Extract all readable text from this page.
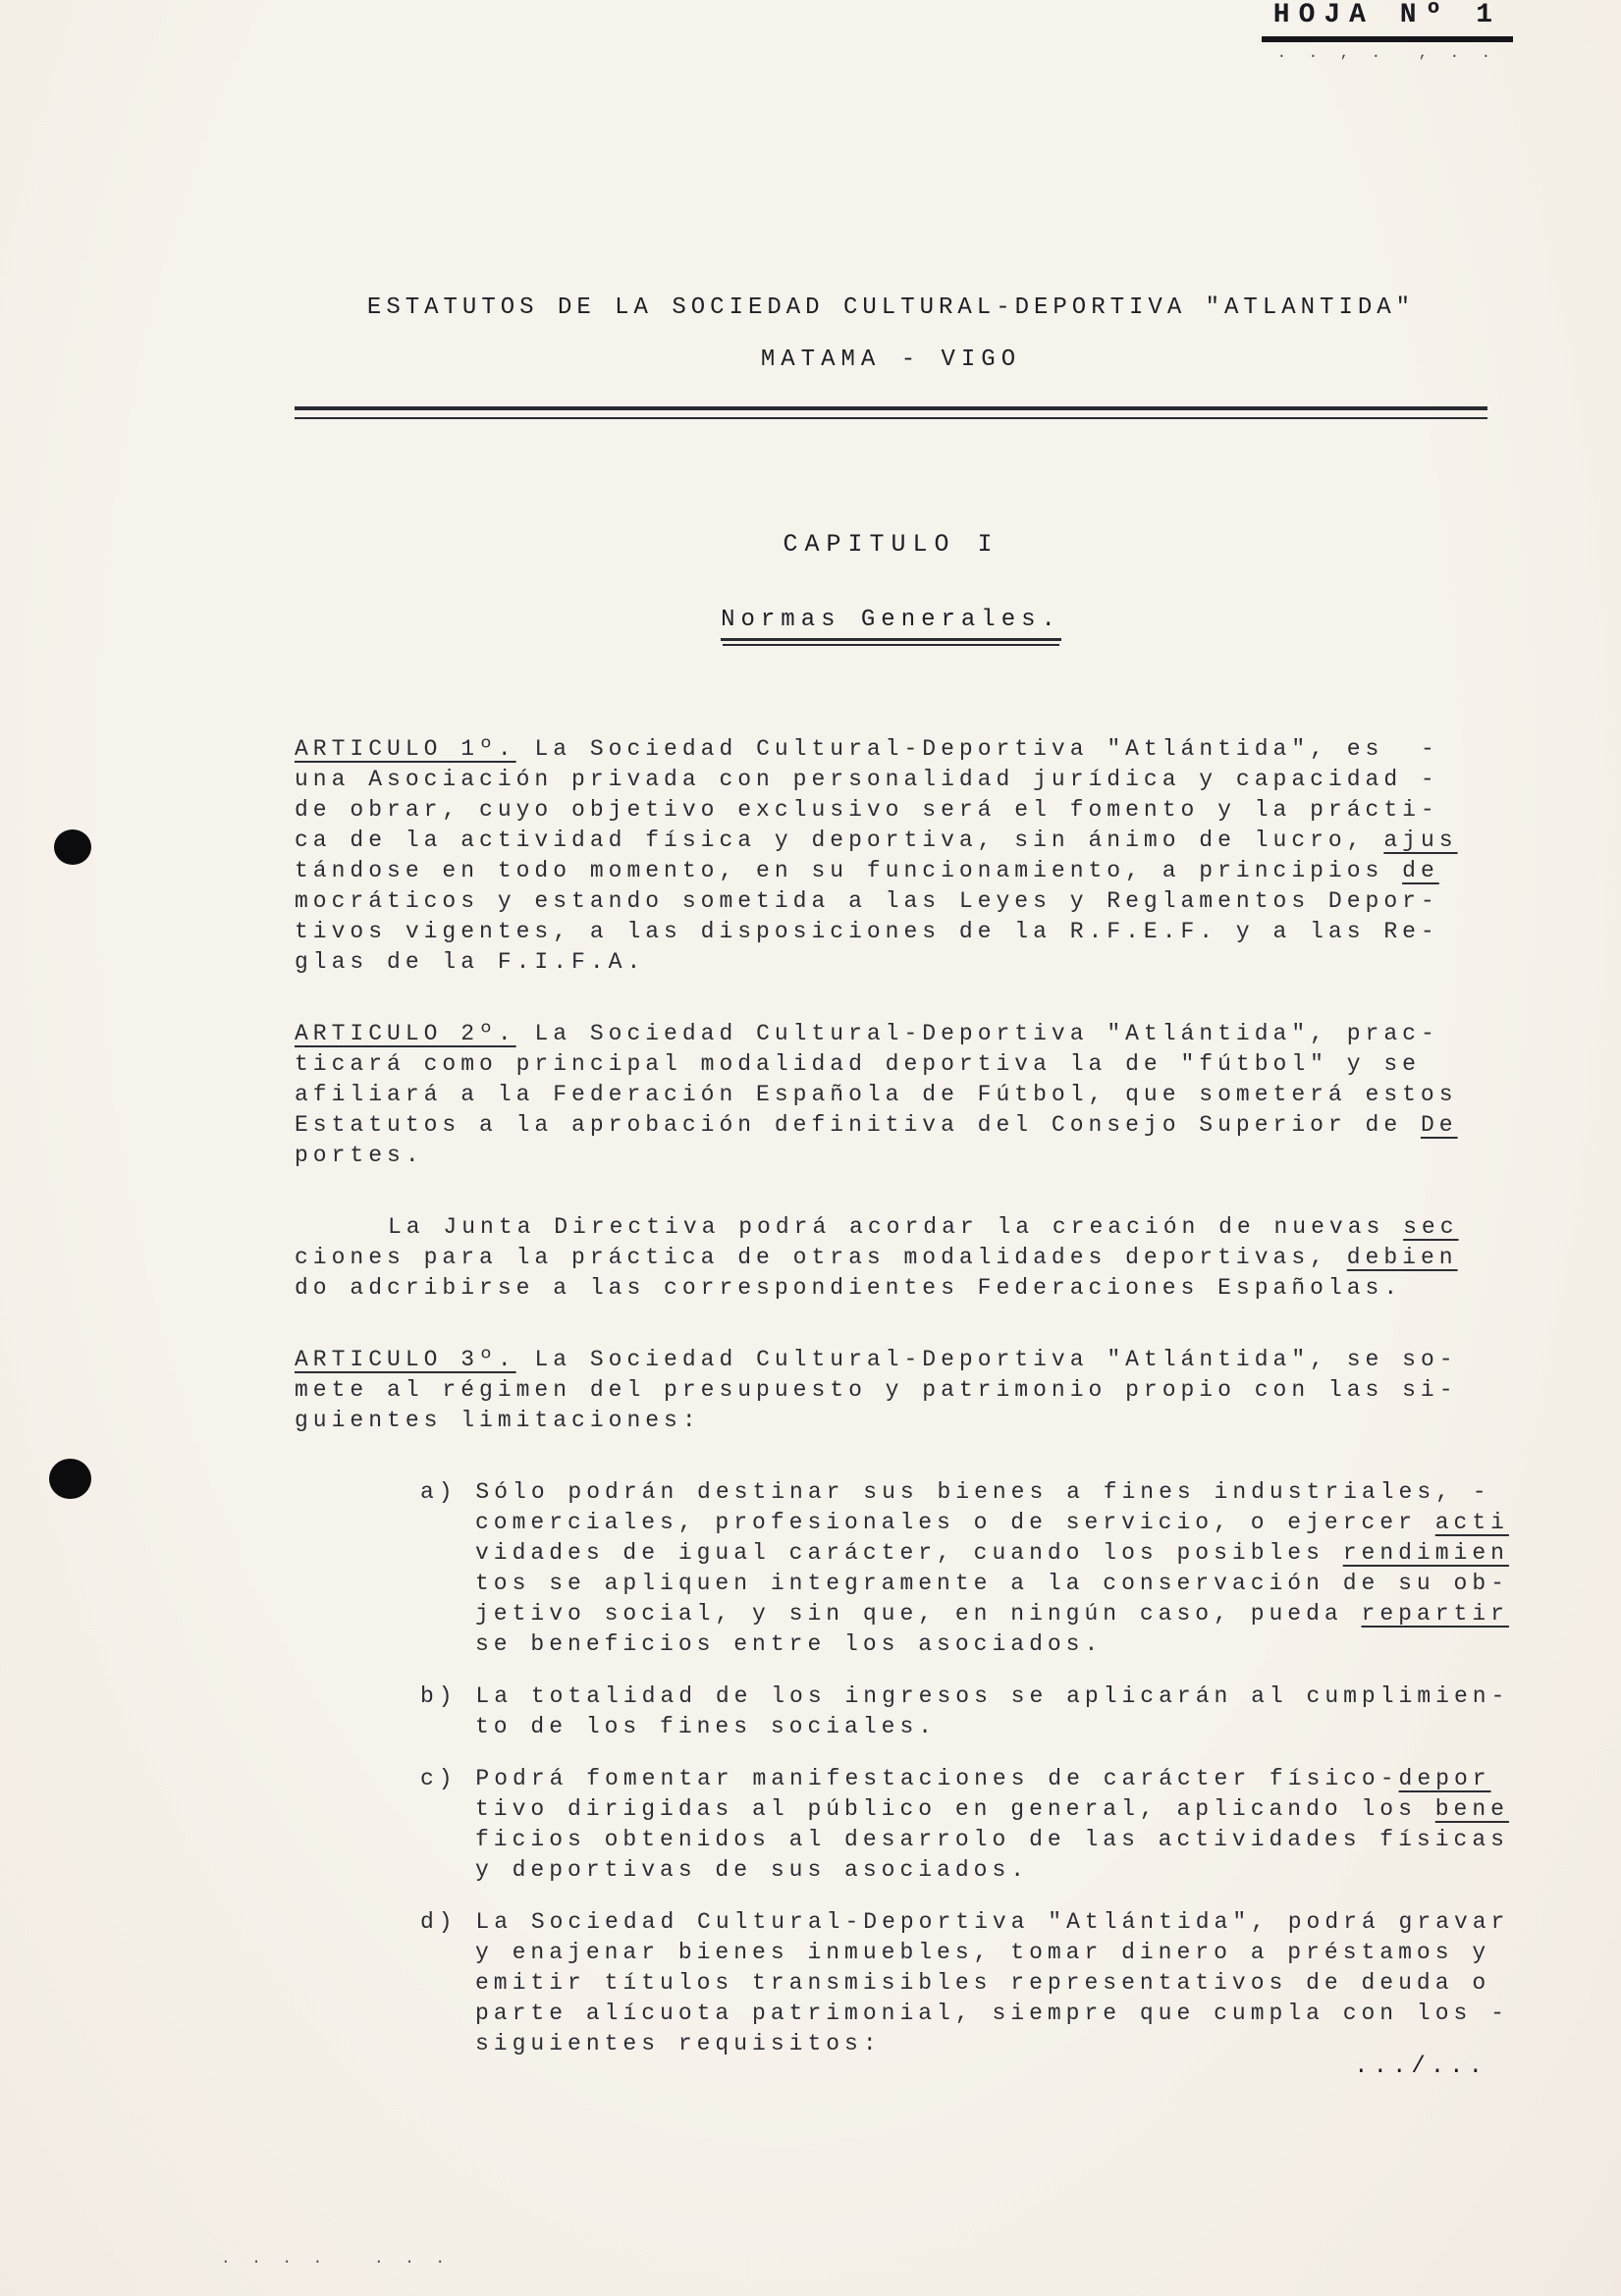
HOJA Nº 1
. . , .  , . .
ESTATUTOS DE LA SOCIEDAD CULTURAL-DEPORTIVA "ATLANTIDA"
MATAMA - VIGO
CAPITULO I
Normas Generales.
ARTICULO 1º. La Sociedad Cultural-Deportiva "Atlántida", es  -
una Asociación privada con personalidad jurídica y capacidad -
de obrar, cuyo objetivo exclusivo será el fomento y la prácti-
ca de la actividad física y deportiva, sin ánimo de lucro, ajus
tándose en todo momento, en su funcionamiento, a principios de
mocráticos y estando sometida a las Leyes y Reglamentos Depor-
tivos vigentes, a las disposiciones de la R.F.E.F. y a las Re-
glas de la F.I.F.A.
ARTICULO 2º. La Sociedad Cultural-Deportiva "Atlántida", prac-
ticará como principal modalidad deportiva la de "fútbol" y se
afiliará a la Federación Española de Fútbol, que someterá estos
Estatutos a la aprobación definitiva del Consejo Superior de De
portes.
La Junta Directiva podrá acordar la creación de nuevas sec
ciones para la práctica de otras modalidades deportivas, debien
do adcribirse a las correspondientes Federaciones Españolas.
ARTICULO 3º. La Sociedad Cultural-Deportiva "Atlántida", se so-
mete al régimen del presupuesto y patrimonio propio con las si-
guientes limitaciones:
a) Sólo podrán destinar sus bienes a fines industriales, -
comerciales, profesionales o de servicio, o ejercer acti
vidades de igual carácter, cuando los posibles rendimien
tos se apliquen integramente a la conservación de su ob-
jetivo social, y sin que, en ningún caso, pueda repartir
se beneficios entre los asociados.
b) La totalidad de los ingresos se aplicarán al cumplimien-
to de los fines sociales.
c) Podrá fomentar manifestaciones de carácter físico-depor
tivo dirigidas al público en general, aplicando los bene
ficios obtenidos al desarrolo de las actividades físicas
y deportivas de sus asociados.
d) La Sociedad Cultural-Deportiva "Atlántida", podrá gravar
y enajenar bienes inmuebles, tomar dinero a préstamos y
emitir títulos transmisibles representativos de deuda o
parte alícuota patrimonial, siempre que cumpla con los -
siguientes requisitos:
.../...
. . . .   . . .
